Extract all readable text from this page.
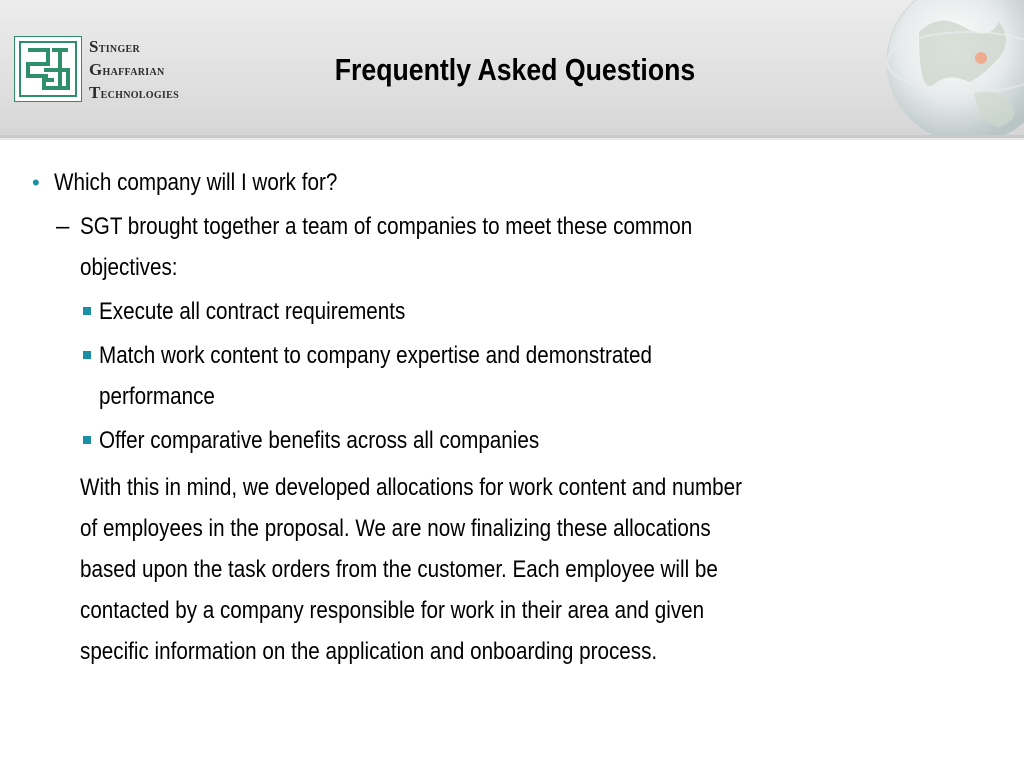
Stinger
Ghaffarian
Technologies
Frequently Asked Questions
• Which company will I work for?
– SGT brought together a team of companies to meet these common
objectives:
Execute all contract requirements
Match work content to company expertise and demonstrated
performance
Offer comparative benefits across all companies
With this in mind, we developed allocations for work content and number
of employees in the proposal. We are now finalizing these allocations
based upon the task orders from the customer. Each employee will be
contacted by a company responsible for work in their area and given
specific information on the application and onboarding process.
